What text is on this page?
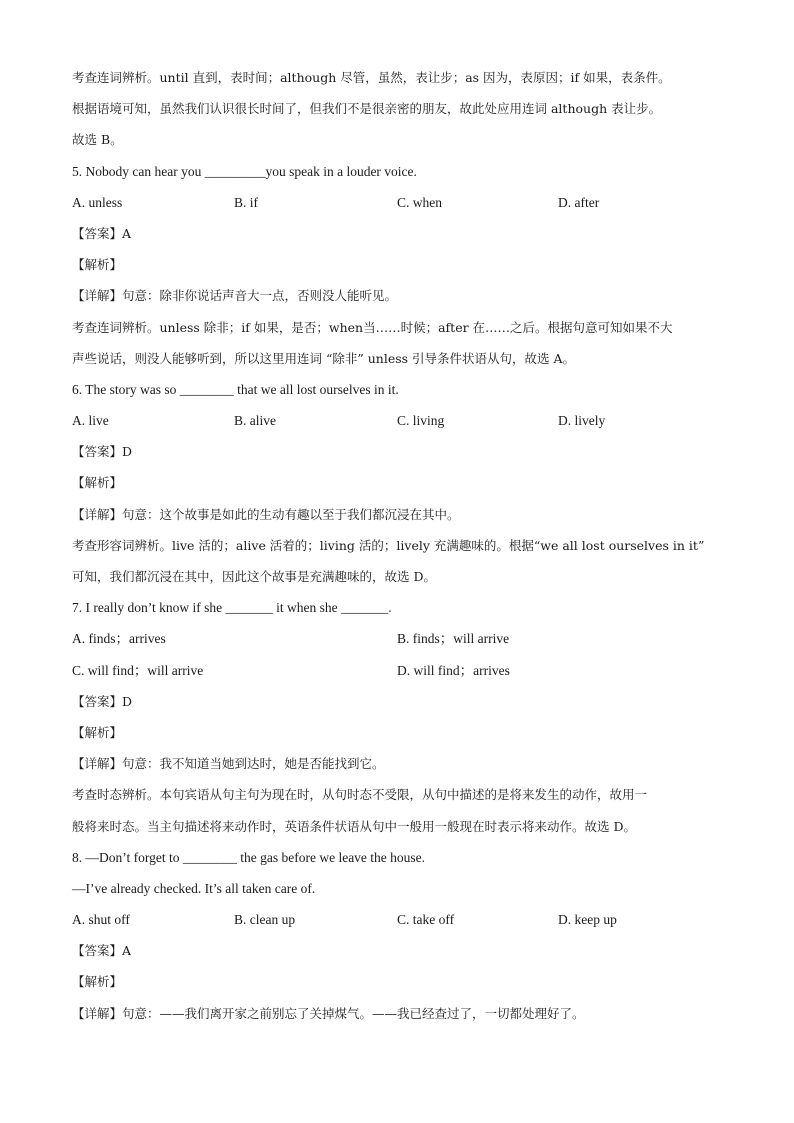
考查连词辨析。until 直到，表时间；although 尽管，虽然，表让步；as 因为，表原因；if 如果，表条件。
根据语境可知，虽然我们认识很长时间了，但我们不是很亲密的朋友，故此处应用连词 although 表让步。
故选 B。
5. Nobody can hear you _________you speak in a louder voice.
A. unless	B. if	C. when	D. after
【答案】A
【解析】
【详解】句意：除非你说话声音大一点，否则没人能听见。
考查连词辨析。unless 除非；if 如果，是否；when当……时候；after 在……之后。根据句意可知如果不大
声些说话，则没人能够听到，所以这里用连词 “除非” unless 引导条件状语从句，故选 A。
6. The story was so ________ that we all lost ourselves in it.
A. live	B. alive	C. living	D. lively
【答案】D
【解析】
【详解】句意：这个故事是如此的生动有趣以至于我们都沉浸在其中。
考查形容词辨析。live 活的；alive 活着的；living 活的；lively 充满趣味的。根据“we all lost ourselves in it”
可知，我们都沉浸在其中，因此这个故事是充满趣味的，故选 D。
7. I really don’t know if she _______ it when she _______.
A. finds；arrives	B. finds；will arrive
C. will find；will arrive	D. will find；arrives
【答案】D
【解析】
【详解】句意：我不知道当她到达时，她是否能找到它。
考查时态辨析。本句宾语从句主句为现在时，从句时态不受限，从句中描述的是将来发生的动作，故用一
般将来时态。当主句描述将来动作时，英语条件状语从句中一般用一般现在时表示将来动作。故选 D。
8. —Don’t forget to ________ the gas before we leave the house.
—I’ve already checked. It’s all taken care of.
A. shut off	B. clean up	C. take off	D. keep up
【答案】A
【解析】
【详解】句意：——我们离开家之前别忘了关掉煤气。——我已经查过了，一切都处理好了。
